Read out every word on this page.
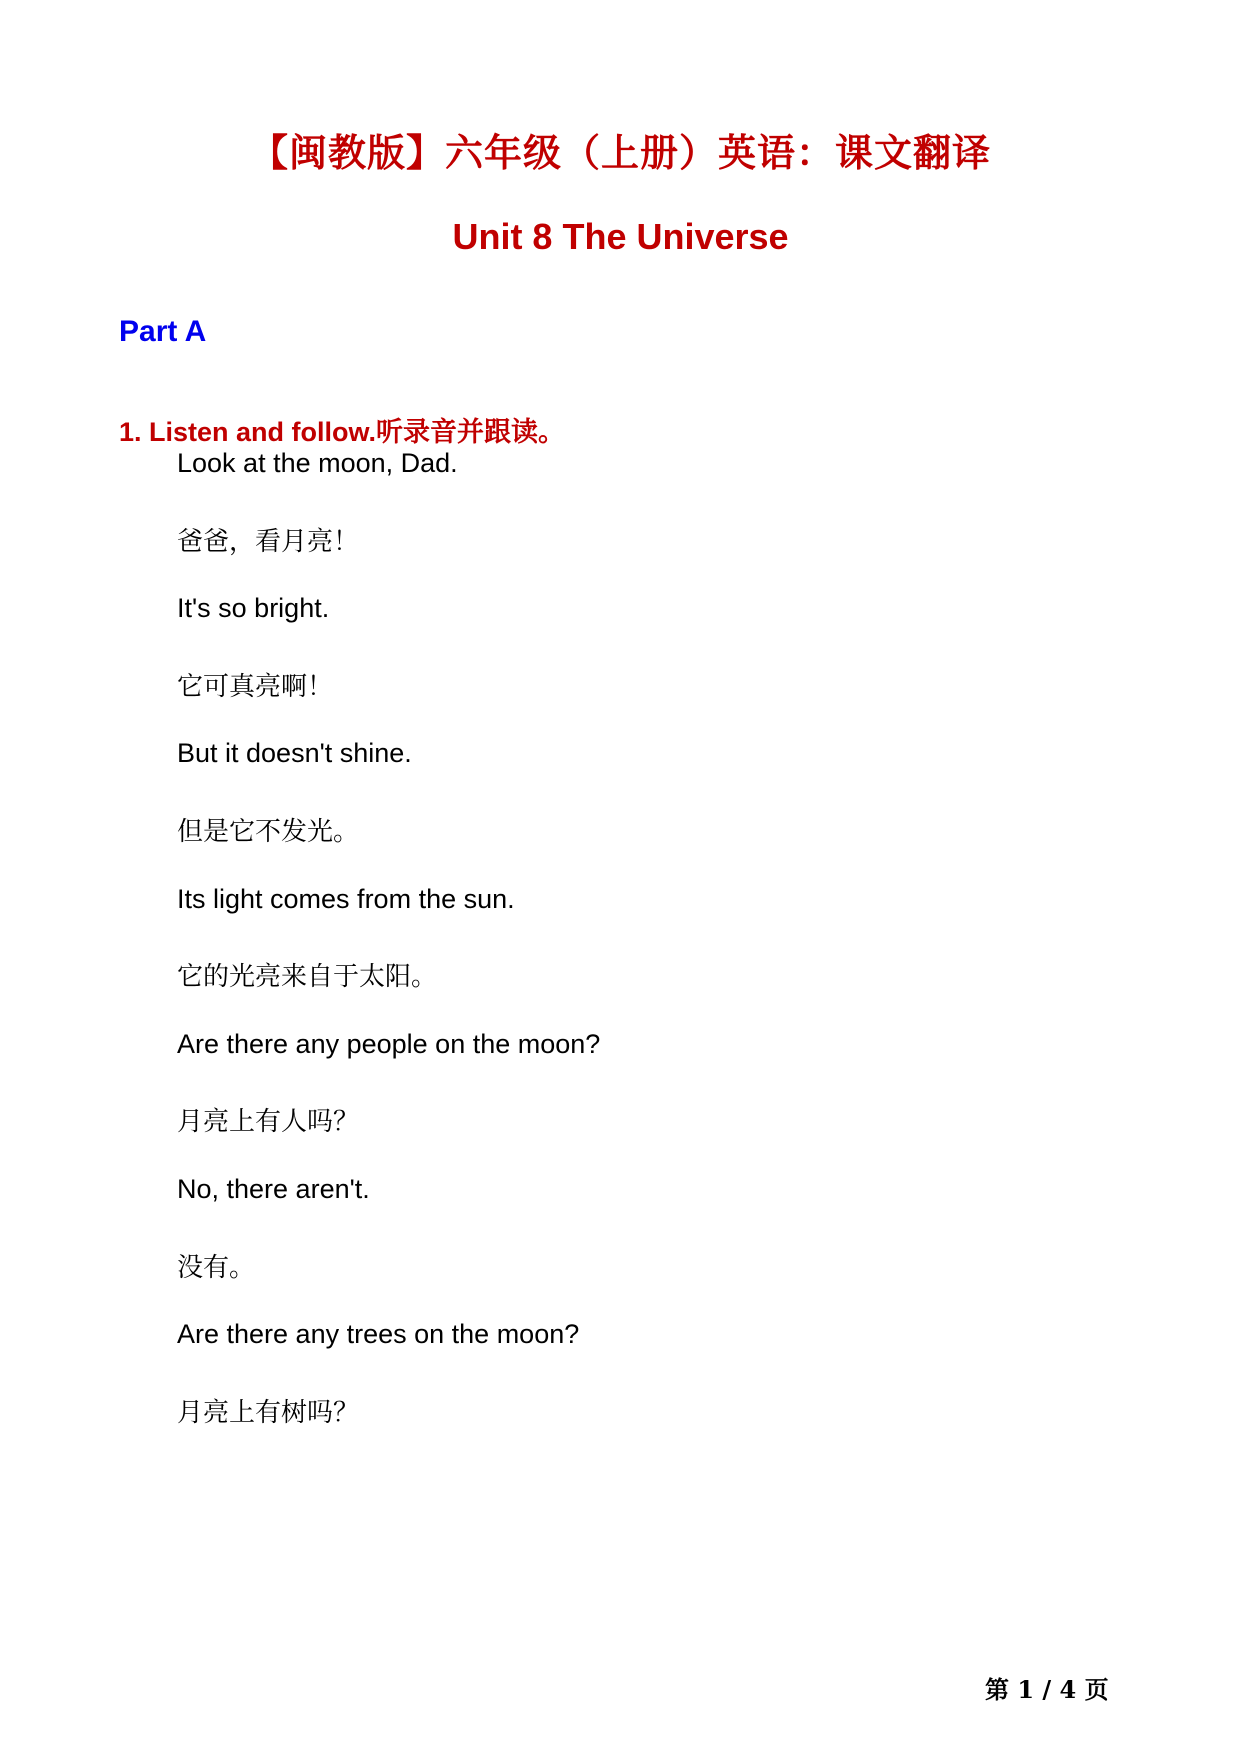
【闽教版】六年级（上册）英语：课文翻译
Unit 8 The Universe
Part A
1. Listen and follow.听录音并跟读。
Look at the moon, Dad.
爸爸，看月亮！
It's so bright.
它可真亮啊！
But it doesn't shine.
但是它不发光。
Its light comes from the sun.
它的光亮来自于太阳。
Are there any people on the moon?
月亮上有人吗？
No, there aren't.
没有。
Are there any trees on the moon?
月亮上有树吗？
第 1 / 4 页
